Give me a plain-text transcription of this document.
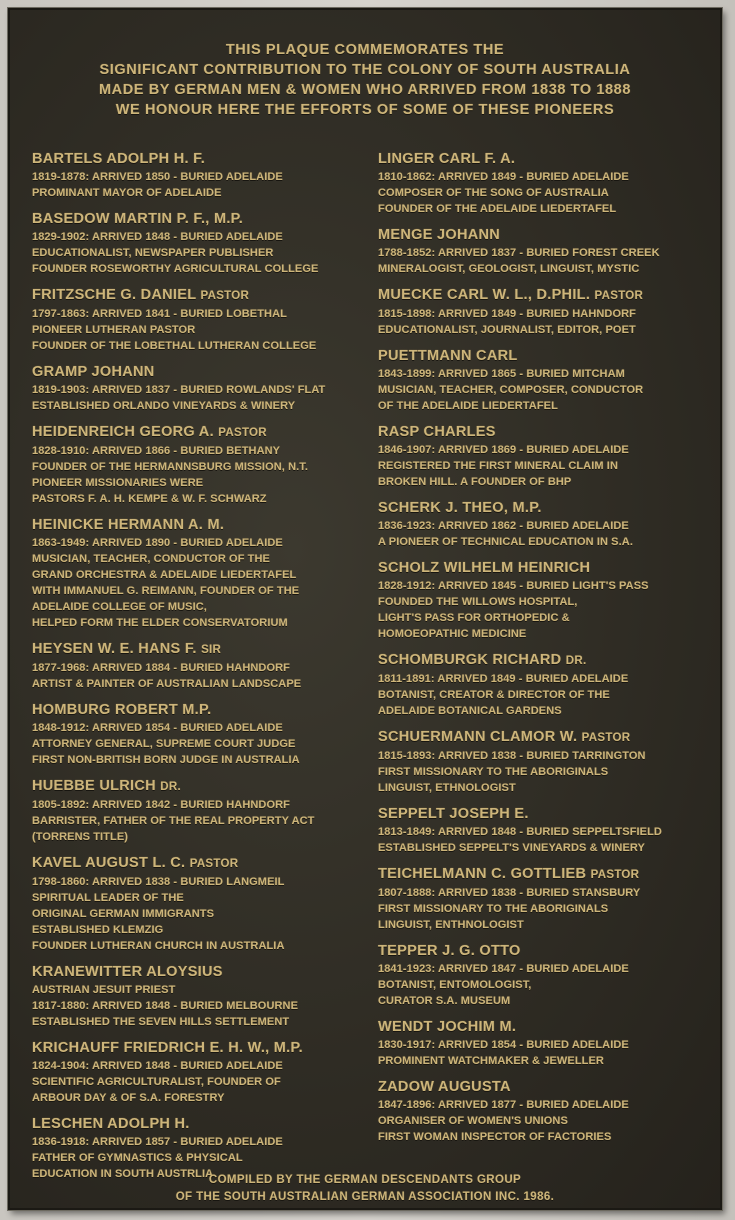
THIS PLAQUE COMMEMORATES THE
SIGNIFICANT CONTRIBUTION TO THE COLONY OF SOUTH AUSTRALIA
MADE BY GERMAN MEN & WOMEN WHO ARRIVED FROM 1838 TO 1888
WE HONOUR HERE THE EFFORTS OF SOME OF THESE PIONEERS
BARTELS ADOLPH H. F.
1819-1878: ARRIVED 1850 - BURIED ADELAIDE
PROMINANT MAYOR OF ADELAIDE
BASEDOW MARTIN P. F., M.P.
1829-1902: ARRIVED 1848 - BURIED ADELAIDE
EDUCATIONALIST, NEWSPAPER PUBLISHER
FOUNDER ROSEWORTHY AGRICULTURAL COLLEGE
FRITZSCHE G. DANIEL PASTOR
1797-1863: ARRIVED 1841 - BURIED LOBETHAL
PIONEER LUTHERAN PASTOR
FOUNDER OF THE LOBETHAL LUTHERAN COLLEGE
GRAMP JOHANN
1819-1903: ARRIVED 1837 - BURIED ROWLANDS' FLAT
ESTABLISHED ORLANDO VINEYARDS & WINERY
HEIDENREICH GEORG A. PASTOR
1828-1910: ARRIVED 1866 - BURIED BETHANY
FOUNDER OF THE HERMANNSBURG MISSION, N.T.
PIONEER MISSIONARIES WERE
PASTORS F. A. H. KEMPE & W. F. SCHWARZ
HEINICKE HERMANN A. M.
1863-1949: ARRIVED 1890 - BURIED ADELAIDE
MUSICIAN, TEACHER, CONDUCTOR OF THE
GRAND ORCHESTRA & ADELAIDE LIEDERTAFEL
WITH IMMANUEL G. REIMANN, FOUNDER OF THE
ADELAIDE COLLEGE OF MUSIC,
HELPED FORM THE ELDER CONSERVATORIUM
HEYSEN W. E. HANS F. SIR
1877-1968: ARRIVED 1884 - BURIED HAHNDORF
ARTIST & PAINTER OF AUSTRALIAN LANDSCAPE
HOMBURG ROBERT M.P.
1848-1912: ARRIVED 1854 - BURIED ADELAIDE
ATTORNEY GENERAL, SUPREME COURT JUDGE
FIRST NON-BRITISH BORN JUDGE IN AUSTRALIA
HUEBBE ULRICH DR.
1805-1892: ARRIVED 1842 - BURIED HAHNDORF
BARRISTER, FATHER OF THE REAL PROPERTY ACT
(TORRENS TITLE)
KAVEL AUGUST L. C. PASTOR
1798-1860: ARRIVED 1838 - BURIED LANGMEIL
SPIRITUAL LEADER OF THE
ORIGINAL GERMAN IMMIGRANTS
ESTABLISHED KLEMZIG
FOUNDER LUTHERAN CHURCH IN AUSTRALIA
KRANEWITTER ALOYSIUS
AUSTRIAN JESUIT PRIEST
1817-1880: ARRIVED 1848 - BURIED MELBOURNE
ESTABLISHED THE SEVEN HILLS SETTLEMENT
KRICHAUFF FRIEDRICH E. H. W., M.P.
1824-1904: ARRIVED 1848 - BURIED ADELAIDE
SCIENTIFIC AGRICULTURALIST, FOUNDER OF
ARBOUR DAY & OF S.A. FORESTRY
LESCHEN ADOLPH H.
1836-1918: ARRIVED 1857 - BURIED ADELAIDE
FATHER OF GYMNASTICS & PHYSICAL
EDUCATION IN SOUTH AUSTRLIA
LINGER CARL F. A.
1810-1862: ARRIVED 1849 - BURIED ADELAIDE
COMPOSER OF THE SONG OF AUSTRALIA
FOUNDER OF THE ADELAIDE LIEDERTAFEL
MENGE JOHANN
1788-1852: ARRIVED 1837 - BURIED FOREST CREEK
MINERALOGIST, GEOLOGIST, LINGUIST, MYSTIC
MUECKE CARL W. L., D.PHIL. PASTOR
1815-1898: ARRIVED 1849 - BURIED HAHNDORF
EDUCATIONALIST, JOURNALIST, EDITOR, POET
PUETTMANN CARL
1843-1899: ARRIVED 1865 - BURIED MITCHAM
MUSICIAN, TEACHER, COMPOSER, CONDUCTOR
OF THE ADELAIDE LIEDERTAFEL
RASP CHARLES
1846-1907: ARRIVED 1869 - BURIED ADELAIDE
REGISTERED THE FIRST MINERAL CLAIM IN
BROKEN HILL. A FOUNDER OF BHP
SCHERK J. THEO, M.P.
1836-1923: ARRIVED 1862 - BURIED ADELAIDE
A PIONEER OF TECHNICAL EDUCATION IN S.A.
SCHOLZ WILHELM HEINRICH
1828-1912: ARRIVED 1845 - BURIED LIGHT'S PASS
FOUNDED THE WILLOWS HOSPITAL,
LIGHT'S PASS FOR ORTHOPEDIC &
HOMOEOPATHIC MEDICINE
SCHOMBURGK RICHARD DR.
1811-1891: ARRIVED 1849 - BURIED ADELAIDE
BOTANIST, CREATOR & DIRECTOR OF THE
ADELAIDE BOTANICAL GARDENS
SCHUERMANN CLAMOR W. PASTOR
1815-1893: ARRIVED 1838 - BURIED TARRINGTON
FIRST MISSIONARY TO THE ABORIGINALS
LINGUIST, ETHNOLOGIST
SEPPELT JOSEPH E.
1813-1849: ARRIVED 1848 - BURIED SEPPELTSFIELD
ESTABLISHED SEPPELT'S VINEYARDS & WINERY
TEICHELMANN C. GOTTLIEB PASTOR
1807-1888: ARRIVED 1838 - BURIED STANSBURY
FIRST MISSIONARY TO THE ABORIGINALS
LINGUIST, ENTHNOLOGIST
TEPPER J. G. OTTO
1841-1923: ARRIVED 1847 - BURIED ADELAIDE
BOTANIST, ENTOMOLOGIST,
CURATOR S.A. MUSEUM
WENDT JOCHIM M.
1830-1917: ARRIVED 1854 - BURIED ADELAIDE
PROMINENT WATCHMAKER & JEWELLER
ZADOW AUGUSTA
1847-1896: ARRIVED 1877 - BURIED ADELAIDE
ORGANISER OF WOMEN'S UNIONS
FIRST WOMAN INSPECTOR OF FACTORIES
COMPILED BY THE GERMAN DESCENDANTS GROUP
OF THE SOUTH AUSTRALIAN GERMAN ASSOCIATION INC. 1986.
